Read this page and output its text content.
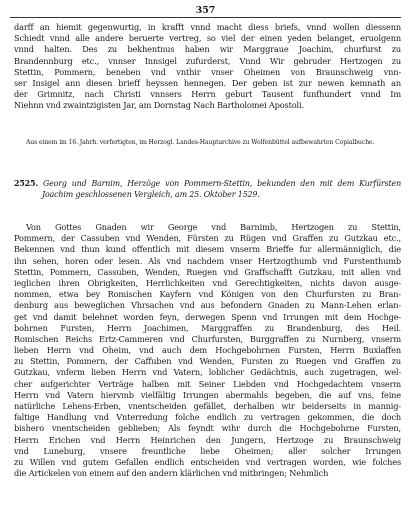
357
darff an hiemit gegenwurtig, in krafft vnnd macht diess briefs, vnnd wollen diessenn
Schiedt vnnd alle andere beruerte vertreg, so viel der einen yeden belanget, eruolgenn
vnnd halten. Des zu bekhentnus haben wir Marggraue Joachim, churfurst zu
Brandennburg etc., vnnser Innsigel zufurderst, Vnnd Wir gebruder Hertzogen zu
Stettin, Pommern, beneben vnd vnthir vnser Oheimen von Braunschweig vnn-
ser Insigel ann diesen brieff heyssen hennegen. Der geben ist zur newen kemnath an
der Grimnitz, nach Christi vnnsers Herrn geburt Tausent funfhundert vnnd Im
Niehnn vnd zwaintzigisten Jar, am Dornstag Nach Bartholomei Apostoli.
Aus einem im 16. Jahrh. verfertigten, im Herzogl. Landes-Hauptarchive zu Wolfenbüttel aufbewahrten Copialbuche.
2525. Georg und Barnim, Herzöge von Pommern-Stettin, bekunden den mit dem Kurfürsten
Joachim geschlossenen Vergleich, am 25. Oktober 1529.
Von Gottes Gnaden wir George vnd Barnimb, Hertzogen zu Stettin,
Pommern, der Cassuben vnd Wenden, Fürsten zu Rügen vnd Graffen zu Gutzkau etc.,
Bekennen vnd thun kund offentlich mit diesem vnserm Brieffe fur allermänniglich, die
ihn sehen, horen oder lesen. Als vnd nachdem vnser Hertzogthumb vnd Furstenthumb
Stettin, Pommern, Cassuben, Wenden, Ruegen vnd Graffschafft Gutzkau, mit allen vnd
ieglichen ihren Obrigkeiten, Herrlichkeiten vnd Gerechtigkeiten, nichts davon ausge-
nommen, etwa bey Romischen Kayfern vnd Königen von den Churfursten zu Bran-
denburg aus beweglichen Vhrsachen vnd aus befondern Gnaden zu Mann-Lehen erlan-
get vnd damit belehnet worden feyn, derwegen Spenn vnd Irrungen mit dem Hochge-
bohrnen Fursten, Herrn Joachimen, Marggraffen zu Brandenburg, des Heil.
Romischen Reichs Ertz-Cammeren vnd Churfursten, Burggraffen zu Nurnberg, vnserm
lieben Herrn vnd Oheim, vnd auch dem Hochgebohrnen Fursten, Herrn Buxlaffen
zu Stettin, Pommern, der Caffuben vnd Wenden, Fursten zu Ruegen vnd Graffen zu
Gutzkau, vnferm lieben Herrn vnd Vatern, loblicher Gedächtnis, auch zugetragen, wel-
cher aufgerichter Verträge halben mit Seiner Liebden vnd Hochgedachtem vnserm
Herrn vnd Vatern hiervmb vielfältig Irrungen abermahls begeben, die auf vns, feine
natürliche Lehens-Erben, vnentscheiden gefället, derhalben wir beiderseits in mannig-
faltige Handlung vnd Vnterredung folche endlich zu vertragen gekommen, die doch
bishero vnentscheiden geblieben; Als feyndt wihr durch die Hochgebohrne Fursten,
Herrn Erichen vnd Herrn Heinrichen den Jungern, Hertzoge zu Braunschweig
vnd Luneburg, vnsere freuntliche liebe Oheimen; aller solcher Irrungen
zu Willen vnd gutem Gefallen endlich entscheiden vnd vertragen worden, wie folches
die Artickelen von einem auf den andern klärlichen vnd mitbringen; Nehmlich
